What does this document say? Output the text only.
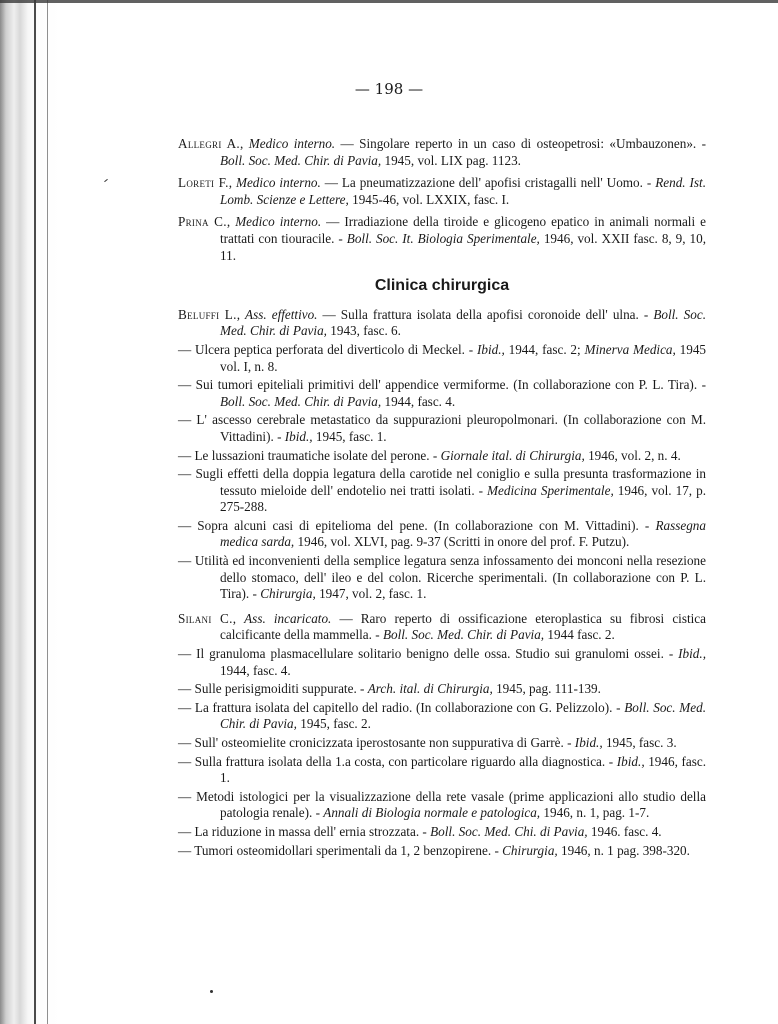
— 198 —
Allegri A., Medico interno. — Singolare reperto in un caso di osteopetrosi: «Umbauzonen». - Boll. Soc. Med. Chir. di Pavia, 1945, vol. LIX pag. 1123.
Loreti F., Medico interno. — La pneumatizzazione dell' apofisi cristagalli nell' Uomo. - Rend. Ist. Lomb. Scienze e Lettere, 1945-46, vol. LXXIX, fasc. I.
Prina C., Medico interno. — Irradiazione della tiroide e glicogeno epatico in animali normali e trattati con tiouracile. - Boll. Soc. It. Biologia Sperimentale, 1946, vol. XXII fasc. 8, 9, 10, 11.
Clinica chirurgica
Beluffi L., Ass. effettivo. — Sulla frattura isolata della apofisi coronoide dell' ulna. - Boll. Soc. Med. Chir. di Pavia, 1943, fasc. 6.
— Ulcera peptica perforata del diverticolo di Meckel. - Ibid., 1944, fasc. 2; Minerva Medica, 1945 vol. I, n. 8.
— Sui tumori epiteliali primitivi dell' appendice vermiforme. (In collaborazione con P. L. Tira). - Boll. Soc. Med. Chir. di Pavia, 1944, fasc. 4.
— L' ascesso cerebrale metastatico da suppurazioni pleuropolmonari. (In collaborazione con M. Vittadini). - Ibid., 1945, fasc. 1.
— Le lussazioni traumatiche isolate del perone. - Giornale ital. di Chirurgia, 1946, vol. 2, n. 4.
— Sugli effetti della doppia legatura della carotide nel coniglio e sulla presunta trasformazione in tessuto mieloide dell' endotelio nei tratti isolati. - Medicina Sperimentale, 1946, vol. 17, p. 275-288.
— Sopra alcuni casi di epitelioma del pene. (In collaborazione con M. Vittadini). - Rassegna medica sarda, 1946, vol. XLVI, pag. 9-37 (Scritti in onore del prof. F. Putzu).
— Utilità ed inconvenienti della semplice legatura senza infossamento dei monconi nella resezione dello stomaco, dell' ileo e del colon. Ricerche sperimentali. (In collaborazione con P. L. Tira). - Chirurgia, 1947, vol. 2, fasc. 1.
Silani C., Ass. incaricato. — Raro reperto di ossificazione eteroplastica su fibrosi cistica calcificante della mammella. - Boll. Soc. Med. Chir. di Pavia, 1944 fasc. 2.
— Il granuloma plasmacellulare solitario benigno delle ossa. Studio sui granulomi ossei. - Ibid., 1944, fasc. 4.
— Sulle perisigmoiditi suppurate. - Arch. ital. di Chirurgia, 1945, pag. 111-139.
— La frattura isolata del capitello del radio. (In collaborazione con G. Pelizzolo). - Boll. Soc. Med. Chir. di Pavia, 1945, fasc. 2.
— Sull' osteomielite cronicizzata iperostosante non suppurativa di Garrè. - Ibid., 1945, fasc. 3.
— Sulla frattura isolata della 1.a costa, con particolare riguardo alla diagnostica. - Ibid., 1946, fasc. 1.
— Metodi istologici per la visualizzazione della rete vasale (prime applicazioni allo studio della patologia renale). - Annali di Biologia normale e patologica, 1946, n. 1, pag. 1-7.
— La riduzione in massa dell' ernia strozzata. - Boll. Soc. Med. Chi. di Pavia, 1946. fasc. 4.
— Tumori osteomidollari sperimentali da 1, 2 benzopirene. - Chirurgia, 1946, n. 1 pag. 398-320.
